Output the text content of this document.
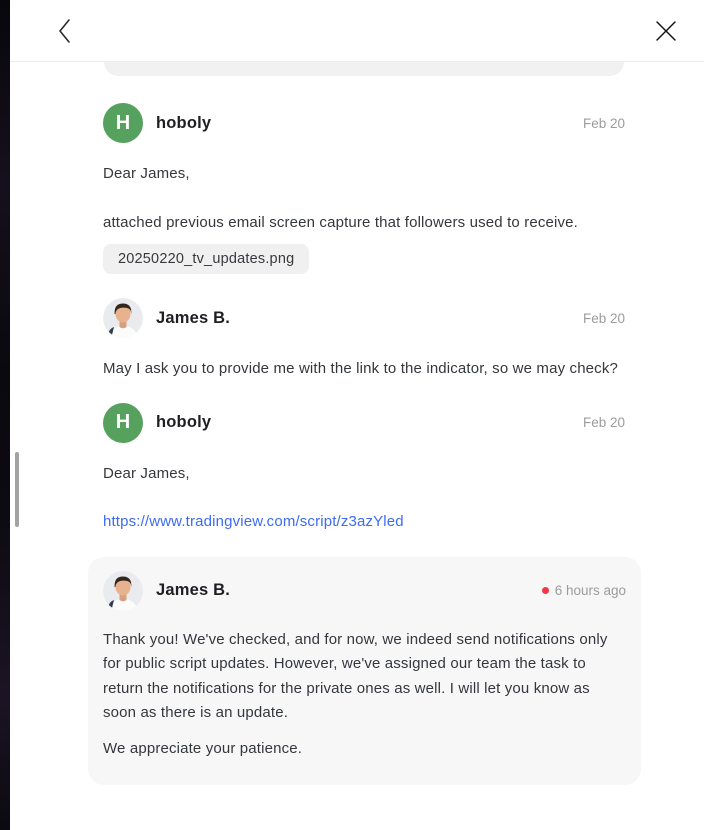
H	hoboly	Feb 20

Dear James,

attached previous email screen capture that followers used to receive.

20250220_tv_updates.png
James B.	Feb 20

May I ask you to provide me with the link to the indicator, so we may check?

H	hoboly	Feb 20

Dear James,

https://www.tradingview.com/script/z3azYled

James B.	6 hours ago

Thank you! We've checked, and for now, we indeed send notifications only for public script updates. However, we've assigned our team the task to return the notifications for the private ones as well. I will let you know as soon as there is an update.

We appreciate your patience.
